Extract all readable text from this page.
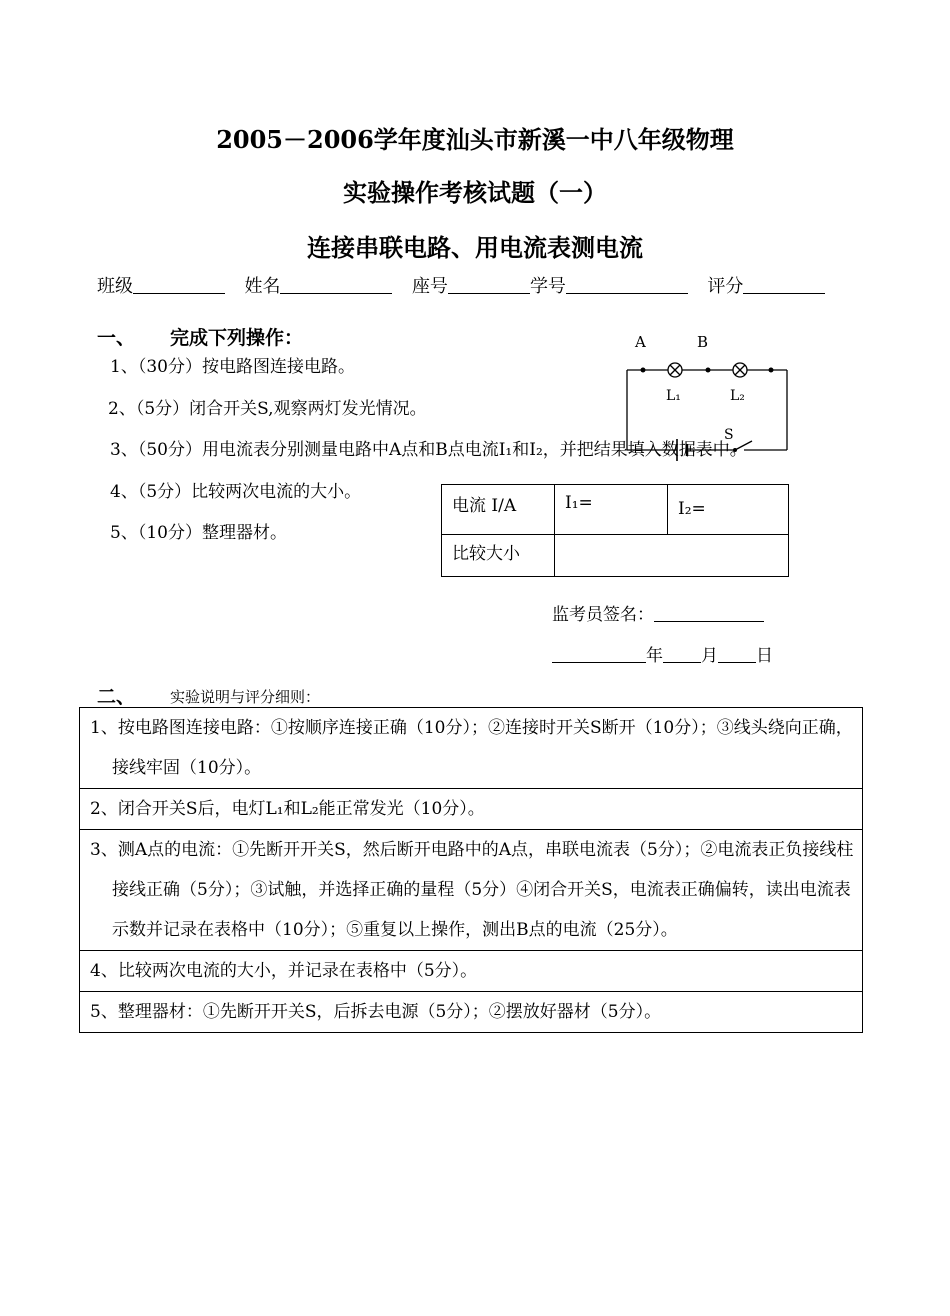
2005－2006学年度汕头市新溪一中八年级物理
实验操作考核试题（一）
连接串联电路、用电流表测电流
班级	姓名	座号	学号	评分
一、 完成下列操作：	A	B
L₁	L₂
S
1、（30分）按电路图连接电路。
2、（5分）闭合开关S,观察两灯发光情况。
3、（50分）用电流表分别测量电路中A点和B点电流I₁和I₂，并把结果填入数据表中。
4、（5分）比较两次电流的大小。
5、（10分）整理器材。
电流 I/A	I₁=	I₂=
比较大小		
监考员签名：
年 月 日
二、 实验说明与评分细则：
1、按电路图连接电路：①按顺序连接正确（10分）；②连接时开关S断开（10分）；③线头绕向正确，接线牢固（10分）。
2、闭合开关S后，电灯L₁和L₂能正常发光（10分）。
3、测A点的电流：①先断开开关S，然后断开电路中的A点，串联电流表（5分）；②电流表正负接线柱接线正确（5分）；③试触，并选择正确的量程（5分）④闭合开关S，电流表正确偏转，读出电流表示数并记录在表格中（10分）；⑤重复以上操作，测出B点的电流（25分）。
4、比较两次电流的大小，并记录在表格中（5分）。
5、整理器材：①先断开开关S，后拆去电源（5分）；②摆放好器材（5分）。
